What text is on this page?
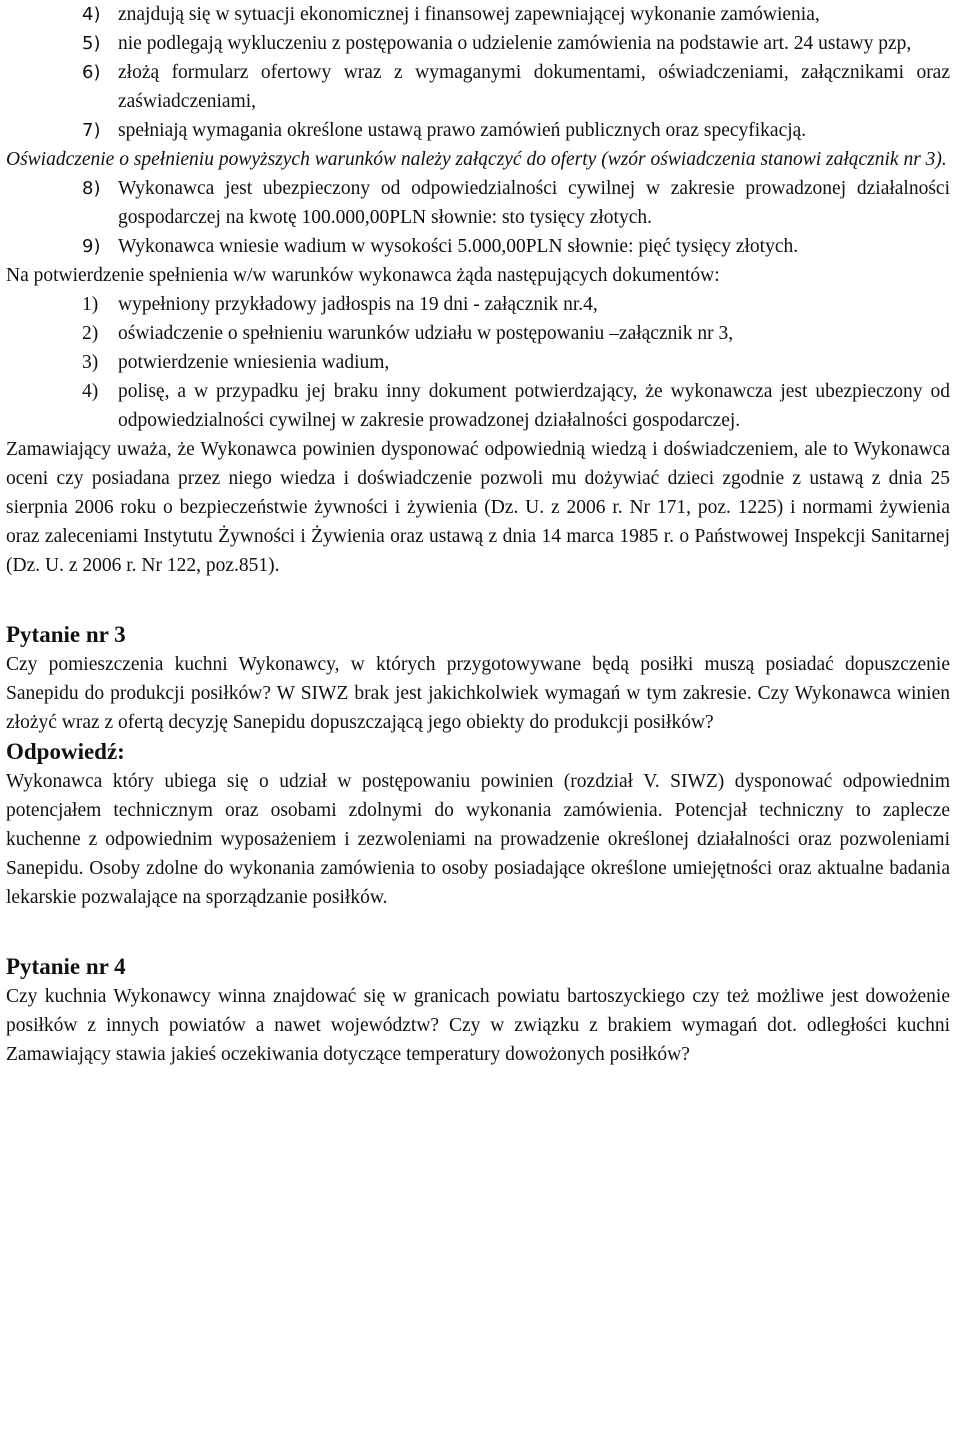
4) znajdują się w sytuacji ekonomicznej i finansowej zapewniającej wykonanie zamówienia,

5) nie podlegają wykluczeniu z postępowania o udzielenie zamówienia na podstawie art. 24 ustawy pzp,

6) złożą formularz ofertowy wraz z wymaganymi dokumentami, oświadczeniami, załącznikami oraz zaświadczeniami,

7) spełniają wymagania określone ustawą prawo zamówień publicznych oraz specyfikacją.

Oświadczenie o spełnieniu powyższych warunków należy załączyć do oferty (wzór oświadczenia stanowi załącznik nr 3).

8) Wykonawca jest ubezpieczony od odpowiedzialności cywilnej w zakresie prowadzonej działalności gospodarczej na kwotę 100.000,00PLN słownie: sto tysięcy złotych.

9) Wykonawca wniesie wadium w wysokości 5.000,00PLN słownie: pięć tysięcy złotych.

Na potwierdzenie spełnienia w/w warunków wykonawca żąda następujących dokumentów:

1) wypełniony przykładowy jadłospis na 19 dni - załącznik nr.4,

2) oświadczenie o spełnieniu warunków udziału w postępowaniu –załącznik nr 3,

3) potwierdzenie wniesienia wadium,

4) polisę, a w przypadku jej braku inny dokument potwierdzający, że wykonawcza jest ubezpieczony od odpowiedzialności cywilnej w zakresie prowadzonej działalności gospodarczej.

Zamawiający uważa, że Wykonawca powinien dysponować odpowiednią wiedzą i doświadczeniem, ale to Wykonawca oceni czy posiadana przez niego wiedza i doświadczenie pozwoli mu dożywiać dzieci zgodnie z ustawą z dnia 25 sierpnia 2006 roku o bezpieczeństwie żywności i żywienia (Dz. U. z 2006 r. Nr 171, poz. 1225) i normami żywienia oraz zaleceniami Instytutu Żywności i Żywienia oraz ustawą z dnia 14 marca 1985 r. o Państwowej Inspekcji Sanitarnej (Dz. U. z 2006 r. Nr 122, poz.851).

Pytanie nr 3

Czy pomieszczenia kuchni Wykonawcy, w których przygotowywane będą posiłki muszą posiadać dopuszczenie Sanepidu do produkcji posiłków? W SIWZ brak jest jakichkolwiek wymagań w tym zakresie. Czy Wykonawca winien złożyć wraz z ofertą decyzję Sanepidu dopuszczającą jego obiekty do produkcji posiłków?

Odpowiedź:

Wykonawca który ubiega się o udział w postępowaniu powinien (rozdział V. SIWZ) dysponować odpowiednim potencjałem technicznym oraz osobami zdolnymi do wykonania zamówienia. Potencjał techniczny to zaplecze kuchenne z odpowiednim wyposażeniem i zezwoleniami na prowadzenie określonej działalności oraz pozwoleniami Sanepidu. Osoby zdolne do wykonania zamówienia to osoby posiadające określone umiejętności oraz aktualne badania lekarskie pozwalające na sporządzanie posiłków.

Pytanie nr 4

Czy kuchnia Wykonawcy winna znajdować się w granicach powiatu bartoszyckiego czy też możliwe jest dowożenie posiłków z innych powiatów a nawet województw? Czy w związku z brakiem wymagań dot. odległości kuchni Zamawiający stawia jakieś oczekiwania dotyczące temperatury dowożonych posiłków?
